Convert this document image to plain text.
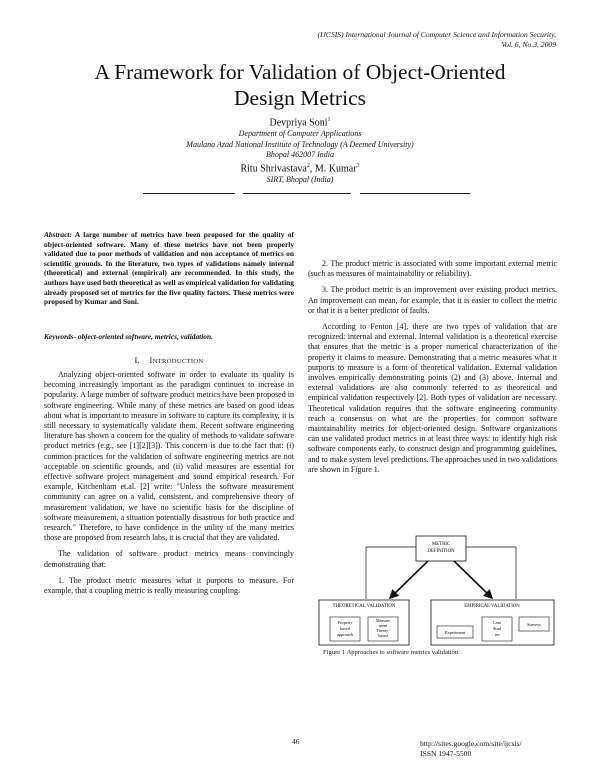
(IJCSIS) International Journal of Computer Science and Information Security,
Vol. 6, No.3, 2009
A Framework for Validation of Object-Oriented
Design Metrics
Devpriya Soni$^1$
Department of Computer Applications
Maulana Azad National Institute of Technology (A Deemed University)
Bhopal 462007 India
Ritu Shrivastava$^2$, M. Kumar$^3$
SIRT, Bhopal (India)
Abstract: A large number of metrics have been proposed for the quality of object-oriented software. Many of these metrics have not been properly validated due to poor methods of validation and non acceptance of metrics on scientific grounds. In the literature, two types of validations namely internal (theoretical) and external (empirical) are recommended. In this study, the authors have used both theoretical as well as empirical validation for validating already proposed set of metrics for the five quality factors. These metrics were proposed by Kumar and Soni.
Keywords- object-oriented software, metrics, validation.
I. INTRODUCTION

Analyzing object-oriented software in order to evaluate its quality is becoming increasingly important as the paradigm continues to increase in popularity. A large number of software product metrics have been proposed in software engineering. While many of these metrics are based on good ideas about what is important to measure in software to capture its complexity, it is still necessary to systematically validate them. Recent software engineering literature has shown a concern for the quality of methods to validate software product metrics (e.g., see [1][2][3]). This concern is due to the fact that: (i) common practices for the validation of software engineering metrics are not acceptable on scientific grounds, and (ii) valid measures are essential for effective software project management and sound empirical research. For example, Kitchenham et.al. [2] write: "Unless the software measurement community can agree on a valid, consistent, and comprehensive theory of measurement validation, we have no scientific basis for the discipline of software measurement, a situation potentially disastrous for both practice and research." Therefore, to have confidence in the utility of the many metrics those are proposed from research labs, it is crucial that they are validated.

The validation of software product metrics means convincingly demonstrating that:

1. The product metric measures what it purports to measure. For example, that a coupling metric is really measuring coupling.

2. The product metric is associated with some important external metric (such as measures of maintainability or reliability).

3. The product metric is an improvement over existing product metrics. An improvement can mean, for example, that it is easier to collect the metric or that it is a better predictor of faults.

According to Fenton [4], there are two types of validation that are recognized: internal and external. Internal validation is a theoretical exercise that ensures that the metric is a proper numerical characterization of the property it claims to measure. Demonstrating that a metric measures what it purports to measure is a form of theoretical validation. External validation involves empirically demonstrating points (2) and (3) above. Internal and external validations are also commonly referred to as theoretical and empirical validation respectively [2]. Both types of validation are necessary. Theoretical validation requires that the software engineering community reach a consensus on what are the properties for common software maintainability metrics for object-oriented design. Software organizations can use validated product metrics in at least three ways: to identify high risk software components early, to construct design and programming guidelines, and to make system level predictions. The approaches used in two validations are shown in Figure 1.

METRIC
DEFINITION
THEORETICAL VALIDATION
Property
based
approach
Measure
ment
Theory-
based
EMPIRICAL VALIDATION
Experiment
Case
Stud
ies
Surveys
Figure 1 Approaches to software metrics validation.
46	http://sites.google.com/site/ijcsis/
ISSN 1947-5500
